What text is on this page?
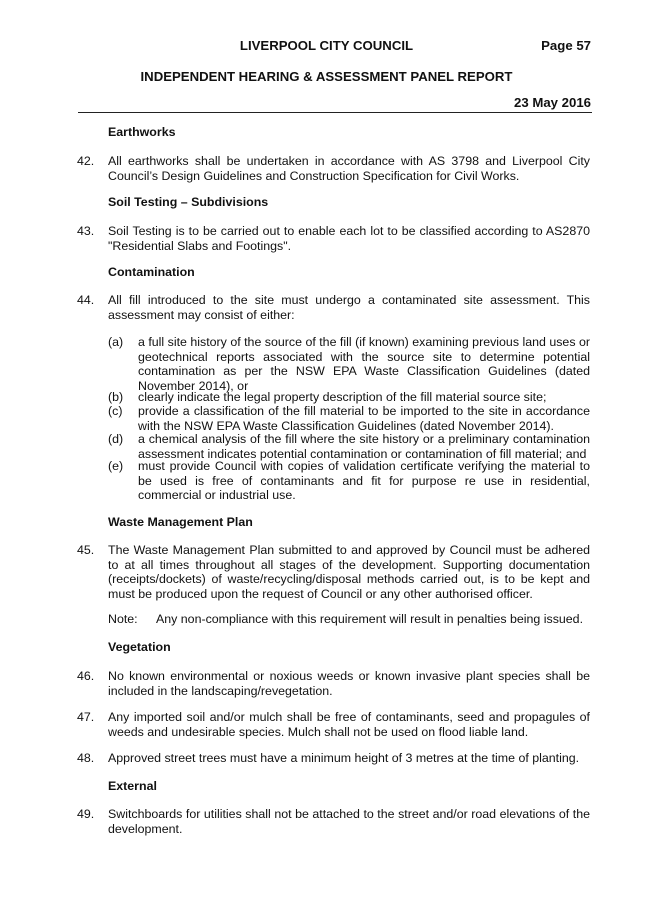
LIVERPOOL CITY COUNCIL	Page 57
INDEPENDENT HEARING & ASSESSMENT PANEL REPORT
23 May 2016
Earthworks
42. All earthworks shall be undertaken in accordance with AS 3798 and Liverpool City Council’s Design Guidelines and Construction Specification for Civil Works.
Soil Testing – Subdivisions
43. Soil Testing is to be carried out to enable each lot to be classified according to AS2870 "Residential Slabs and Footings".
Contamination
44. All fill introduced to the site must undergo a contaminated site assessment. This assessment may consist of either:
(a) a full site history of the source of the fill (if known) examining previous land uses or geotechnical reports associated with the source site to determine potential contamination as per the NSW EPA Waste Classification Guidelines (dated November 2014), or
(b) clearly indicate the legal property description of the fill material source site;
(c) provide a classification of the fill material to be imported to the site in accordance with the NSW EPA Waste Classification Guidelines (dated November 2014).
(d) a chemical analysis of the fill where the site history or a preliminary contamination assessment indicates potential contamination or contamination of fill material; and
(e) must provide Council with copies of validation certificate verifying the material to be used is free of contaminants and fit for purpose re use in residential, commercial or industrial use.
Waste Management Plan
45. The Waste Management Plan submitted to and approved by Council must be adhered to at all times throughout all stages of the development. Supporting documentation (receipts/dockets) of waste/recycling/disposal methods carried out, is to be kept and must be produced upon the request of Council or any other authorised officer.
Note: Any non-compliance with this requirement will result in penalties being issued.
Vegetation
46. No known environmental or noxious weeds or known invasive plant species shall be included in the landscaping/revegetation.
47. Any imported soil and/or mulch shall be free of contaminants, seed and propagules of weeds and undesirable species. Mulch shall not be used on flood liable land.
48. Approved street trees must have a minimum height of 3 metres at the time of planting.
External
49. Switchboards for utilities shall not be attached to the street and/or road elevations of the development.
